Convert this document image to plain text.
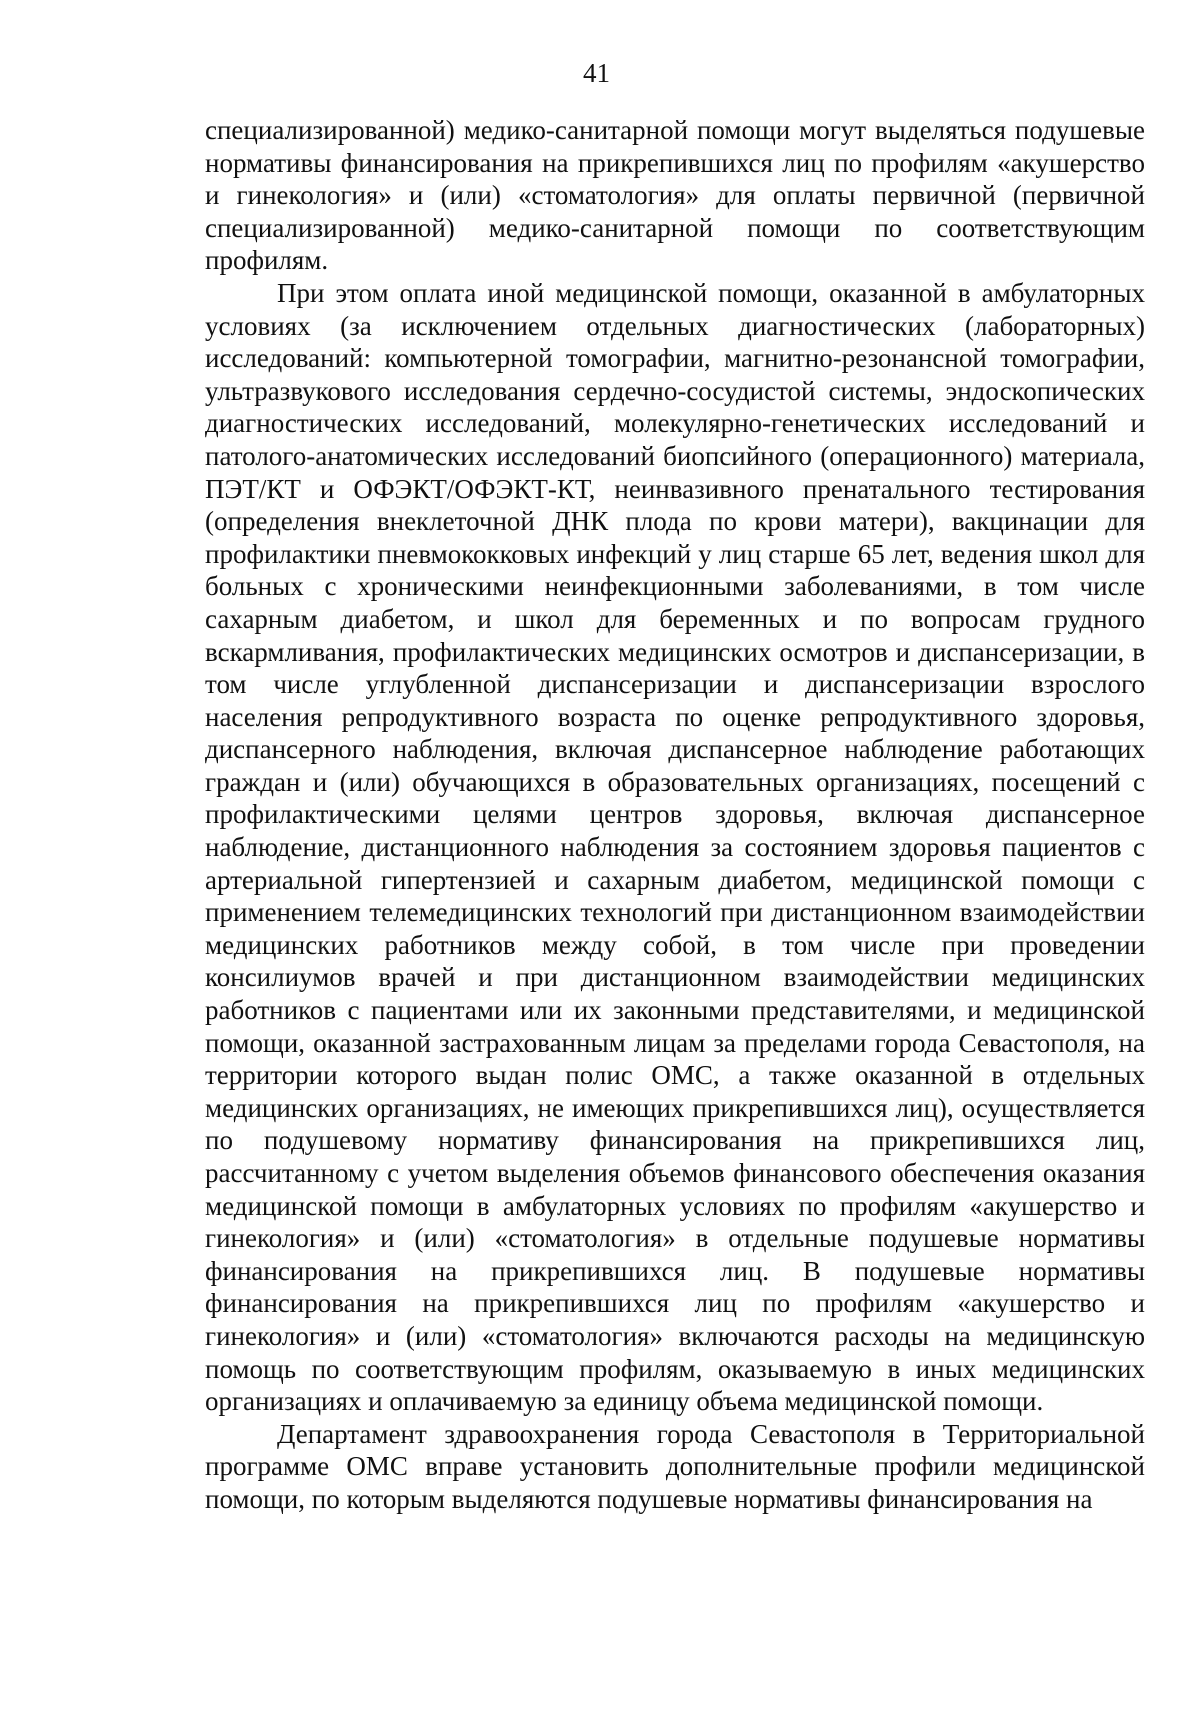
41

специализированной) медико-санитарной помощи могут выделяться подушевые нормативы финансирования на прикрепившихся лиц по профилям «акушерство и гинекология» и (или) «стоматология» для оплаты первичной (первичной специализированной) медико-санитарной помощи по соответствующим профилям.

При этом оплата иной медицинской помощи, оказанной в амбулаторных условиях (за исключением отдельных диагностических (лабораторных) исследований: компьютерной томографии, магнитно-резонансной томографии, ультразвукового исследования сердечно-сосудистой системы, эндоскопических диагностических исследований, молекулярно-генетических исследований и патолого-анатомических исследований биопсийного (операционного) материала, ПЭТ/КТ и ОФЭКТ/ОФЭКТ-КТ, неинвазивного пренатального тестирования (определения внеклеточной ДНК плода по крови матери), вакцинации для профилактики пневмококковых инфекций у лиц старше 65 лет, ведения школ для больных с хроническими неинфекционными заболеваниями, в том числе сахарным диабетом, и школ для беременных и по вопросам грудного вскармливания, профилактических медицинских осмотров и диспансеризации, в том числе углубленной диспансеризации и диспансеризации взрослого населения репродуктивного возраста по оценке репродуктивного здоровья, диспансерного наблюдения, включая диспансерное наблюдение работающих граждан и (или) обучающихся в образовательных организациях, посещений с профилактическими целями центров здоровья, включая диспансерное наблюдение, дистанционного наблюдения за состоянием здоровья пациентов с артериальной гипертензией и сахарным диабетом, медицинской помощи с применением телемедицинских технологий при дистанционном взаимодействии медицинских работников между собой, в том числе при проведении консилиумов врачей и при дистанционном взаимодействии медицинских работников с пациентами или их законными представителями, и медицинской помощи, оказанной застрахованным лицам за пределами города Севастополя, на территории которого выдан полис ОМС, а также оказанной в отдельных медицинских организациях, не имеющих прикрепившихся лиц), осуществляется по подушевому нормативу финансирования на прикрепившихся лиц, рассчитанному с учетом выделения объемов финансового обеспечения оказания медицинской помощи в амбулаторных условиях по профилям «акушерство и гинекология» и (или) «стоматология» в отдельные подушевые нормативы финансирования на прикрепившихся лиц. В подушевые нормативы финансирования на прикрепившихся лиц по профилям «акушерство и гинекология» и (или) «стоматология» включаются расходы на медицинскую помощь по соответствующим профилям, оказываемую в иных медицинских организациях и оплачиваемую за единицу объема медицинской помощи.

Департамент здравоохранения города Севастополя в Территориальной программе ОМС вправе установить дополнительные профили медицинской помощи, по которым выделяются подушевые нормативы финансирования на
